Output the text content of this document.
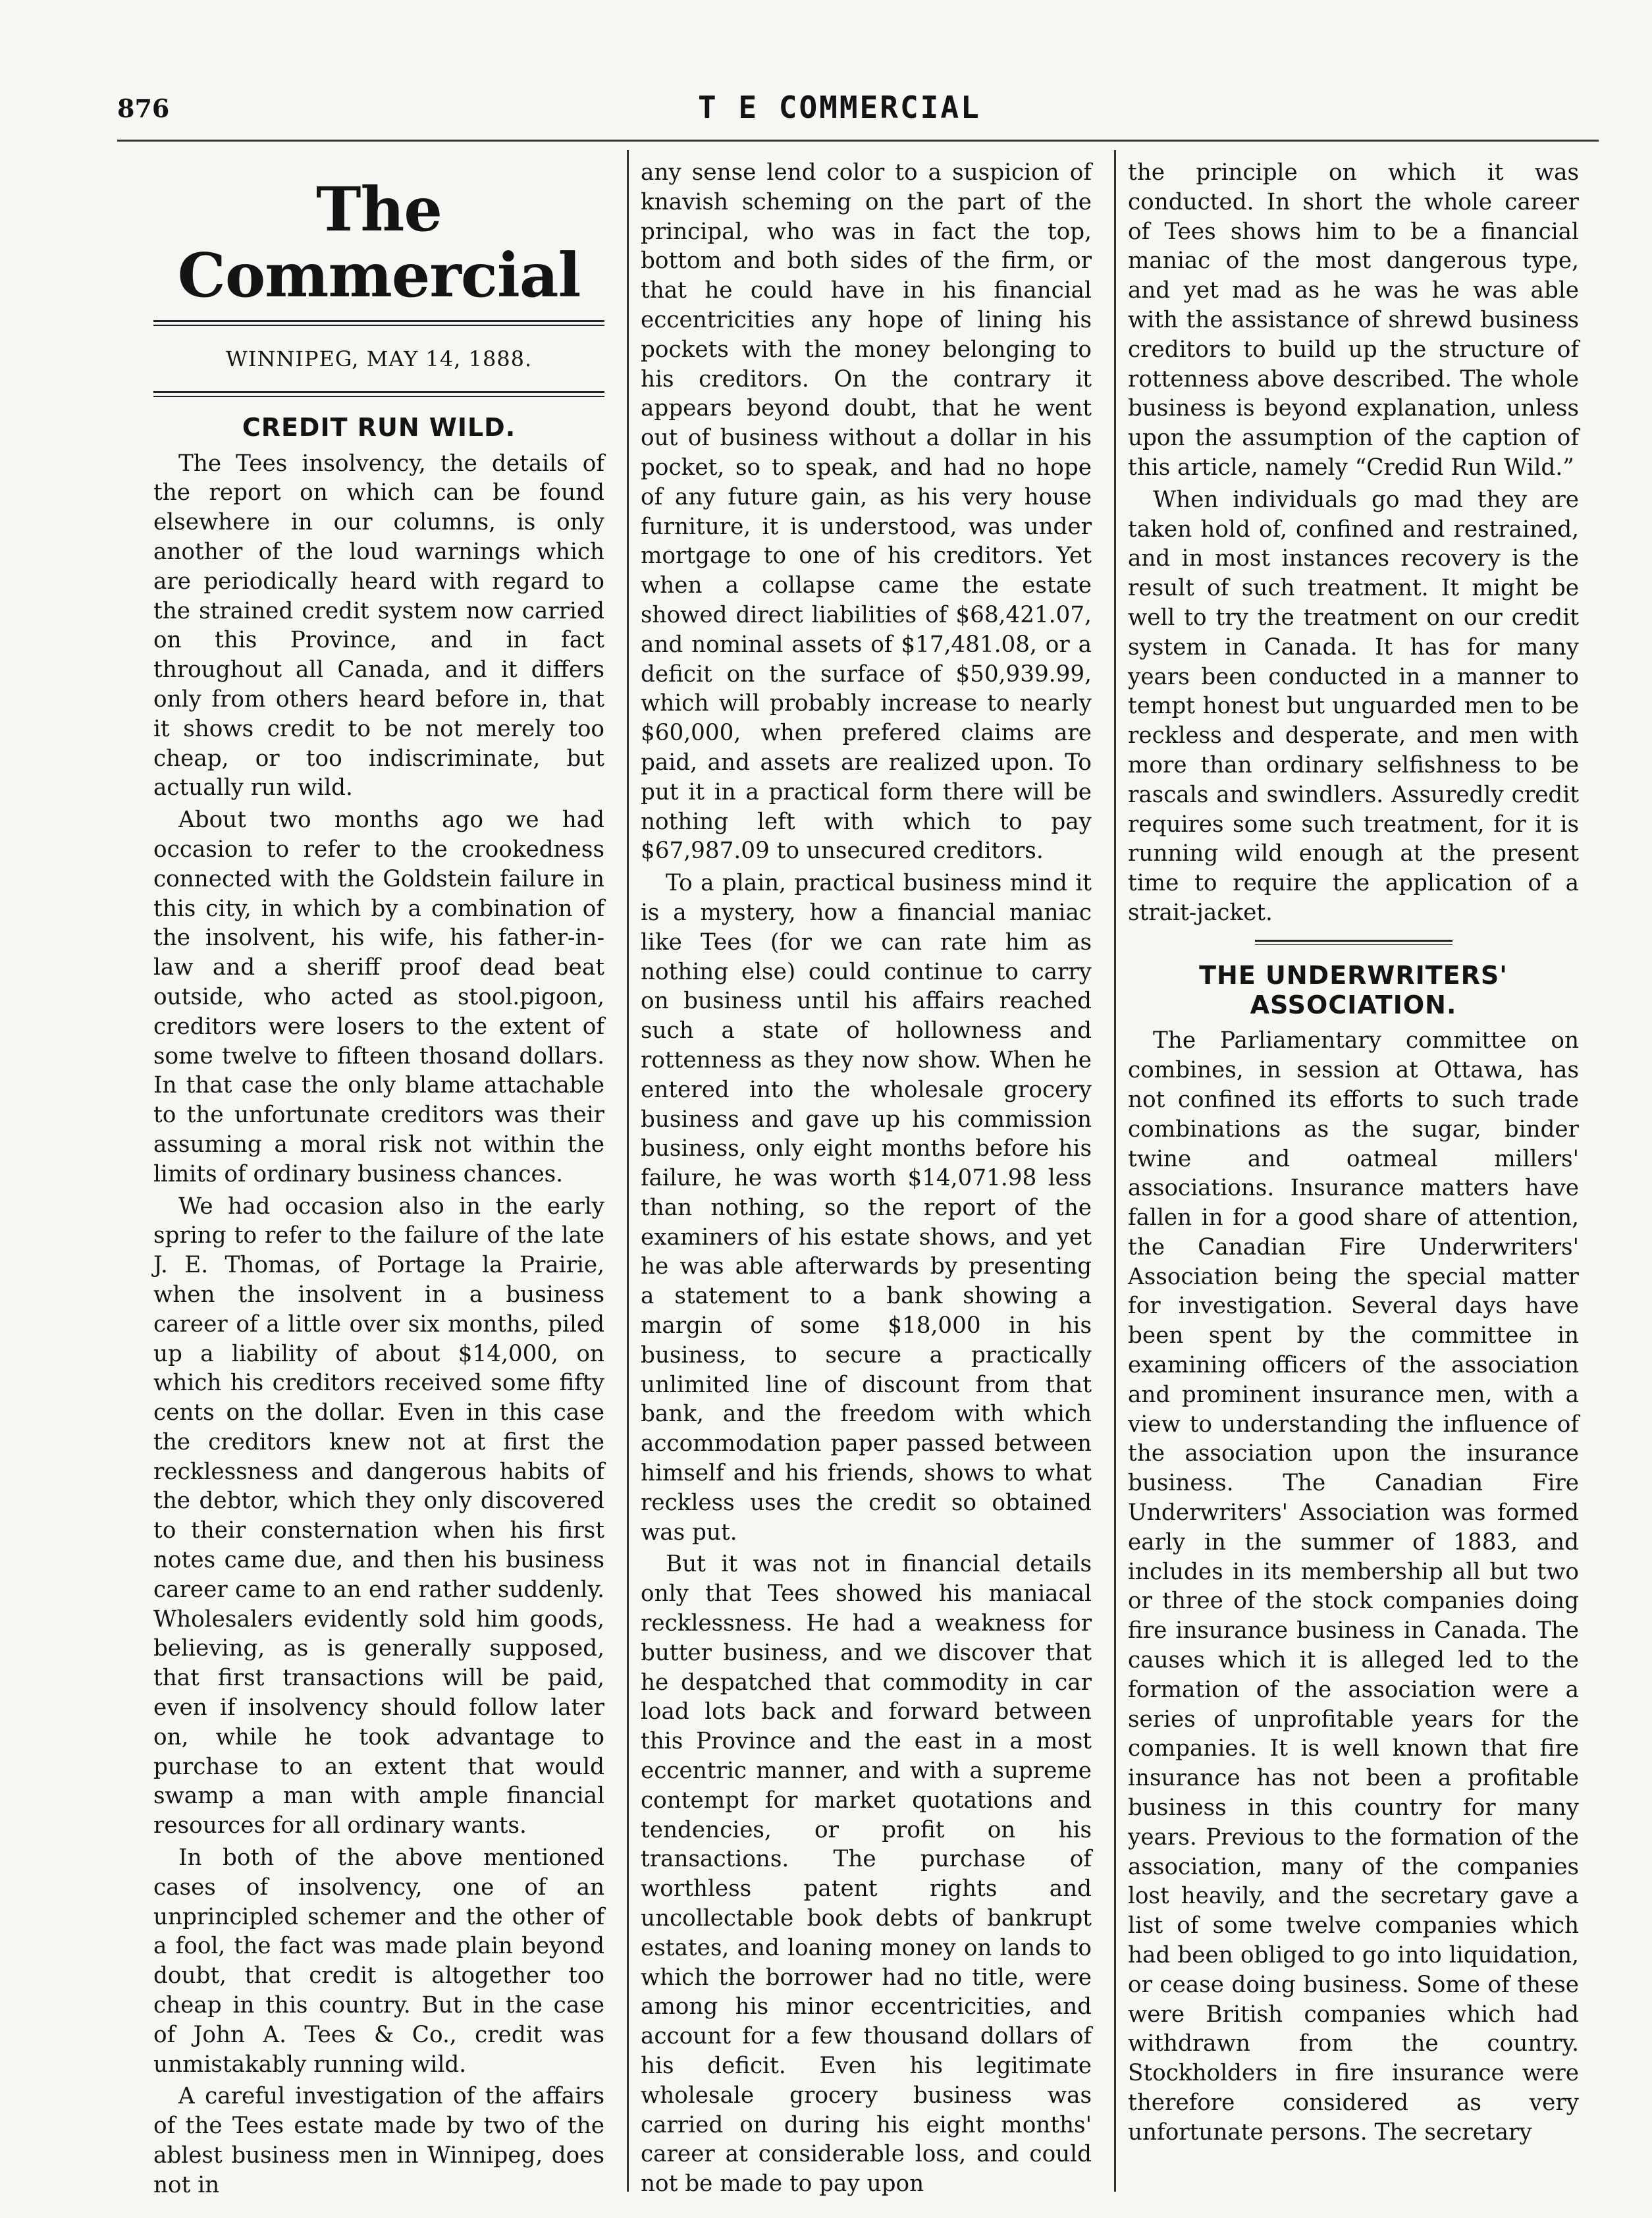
876	T E COMMERCIAL
The Commercial
WINNIPEG, MAY 14, 1888.
CREDIT RUN WILD.

The Tees insolvency, the details of the report on which can be found elsewhere in our columns, is only another of the loud warnings which are periodically heard with regard to the strained credit system now carried on this Province, and in fact throughout all Canada, and it differs only from others heard before in, that it shows credit to be not merely too cheap, or too indiscriminate, but actually run wild.

About two months ago we had occasion to refer to the crookedness connected with the Goldstein failure in this city, in which by a combination of the insolvent, his wife, his father-in-law and a sheriff proof dead beat outside, who acted as stool.pigoon, creditors were losers to the extent of some twelve to fifteen thosand dollars. In that case the only blame attachable to the unfortunate creditors was their assuming a moral risk not within the limits of ordinary business chances.

We had occasion also in the early spring to refer to the failure of the late J. E. Thomas, of Portage la Prairie, when the insolvent in a business career of a little over six months, piled up a liability of about $14,000, on which his creditors received some fifty cents on the dollar. Even in this case the creditors knew not at first the recklessness and dangerous habits of the debtor, which they only discovered to their consternation when his first notes came due, and then his business career came to an end rather suddenly. Wholesalers evidently sold him goods, believing, as is generally supposed, that first transactions will be paid, even if insolvency should follow later on, while he took advantage to purchase to an extent that would swamp a man with ample financial resources for all ordinary wants.

In both of the above mentioned cases of insolvency, one of an unprincipled schemer and the other of a fool, the fact was made plain beyond doubt, that credit is altogether too cheap in this country. But in the case of John A. Tees & Co., credit was unmistakably running wild.

A careful investigation of the affairs of the Tees estate made by two of the ablest business men in Winnipeg, does not in

any sense lend color to a suspicion of knavish scheming on the part of the principal, who was in fact the top, bottom and both sides of the firm, or that he could have in his financial eccentricities any hope of lining his pockets with the money belonging to his creditors. On the contrary it appears beyond doubt, that he went out of business without a dollar in his pocket, so to speak, and had no hope of any future gain, as his very house furniture, it is understood, was under mortgage to one of his creditors. Yet when a collapse came the estate showed direct liabilities of $68,421.07, and nominal assets of $17,481.08, or a deficit on the surface of $50,939.99, which will probably increase to nearly $60,000, when prefered claims are paid, and assets are realized upon. To put it in a practical form there will be nothing left with which to pay $67,987.09 to unsecured creditors.

To a plain, practical business mind it is a mystery, how a financial maniac like Tees (for we can rate him as nothing else) could continue to carry on business until his affairs reached such a state of hollowness and rottenness as they now show. When he entered into the wholesale grocery business and gave up his commission business, only eight months before his failure, he was worth $14,071.98 less than nothing, so the report of the examiners of his estate shows, and yet he was able afterwards by presenting a statement to a bank showing a margin of some $18,000 in his business, to secure a practically unlimited line of discount from that bank, and the freedom with which accommodation paper passed between himself and his friends, shows to what reckless uses the credit so obtained was put.

But it was not in financial details only that Tees showed his maniacal recklessness. He had a weakness for butter business, and we discover that he despatched that commodity in car load lots back and forward between this Province and the east in a most eccentric manner, and with a supreme contempt for market quotations and tendencies, or profit on his transactions. The purchase of worthless patent rights and uncollectable book debts of bankrupt estates, and loaning money on lands to which the borrower had no title, were among his minor eccentricities, and account for a few thousand dollars of his deficit. Even his legitimate wholesale grocery business was carried on during his eight months' career at considerable loss, and could not be made to pay upon

the principle on which it was conducted. In short the whole career of Tees shows him to be a financial maniac of the most dangerous type, and yet mad as he was he was able with the assistance of shrewd business creditors to build up the structure of rottenness above described. The whole business is beyond explanation, unless upon the assumption of the caption of this article, namely “Credid Run Wild.”

When individuals go mad they are taken hold of, confined and restrained, and in most instances recovery is the result of such treatment. It might be well to try the treatment on our credit system in Canada. It has for many years been conducted in a manner to tempt honest but unguarded men to be reckless and desperate, and men with more than ordinary selfishness to be rascals and swindlers. Assuredly credit requires some such treatment, for it is running wild enough at the present time to require the application of a strait-jacket.

THE UNDERWRITERS' ASSOCIATION.

The Parliamentary committee on combines, in session at Ottawa, has not confined its efforts to such trade combinations as the sugar, binder twine and oatmeal millers' associations. Insurance matters have fallen in for a good share of attention, the Canadian Fire Underwriters' Association being the special matter for investigation. Several days have been spent by the committee in examining officers of the association and prominent insurance men, with a view to understanding the influence of the association upon the insurance business. The Canadian Fire Underwriters' Association was formed early in the summer of 1883, and includes in its membership all but two or three of the stock companies doing fire insurance business in Canada. The causes which it is alleged led to the formation of the association were a series of unprofitable years for the companies. It is well known that fire insurance has not been a profitable business in this country for many years. Previous to the formation of the association, many of the companies lost heavily, and the secretary gave a list of some twelve companies which had been obliged to go into liquidation, or cease doing business. Some of these were British companies which had withdrawn from the country. Stockholders in fire insurance were therefore considered as very unfortunate persons. The secretary
